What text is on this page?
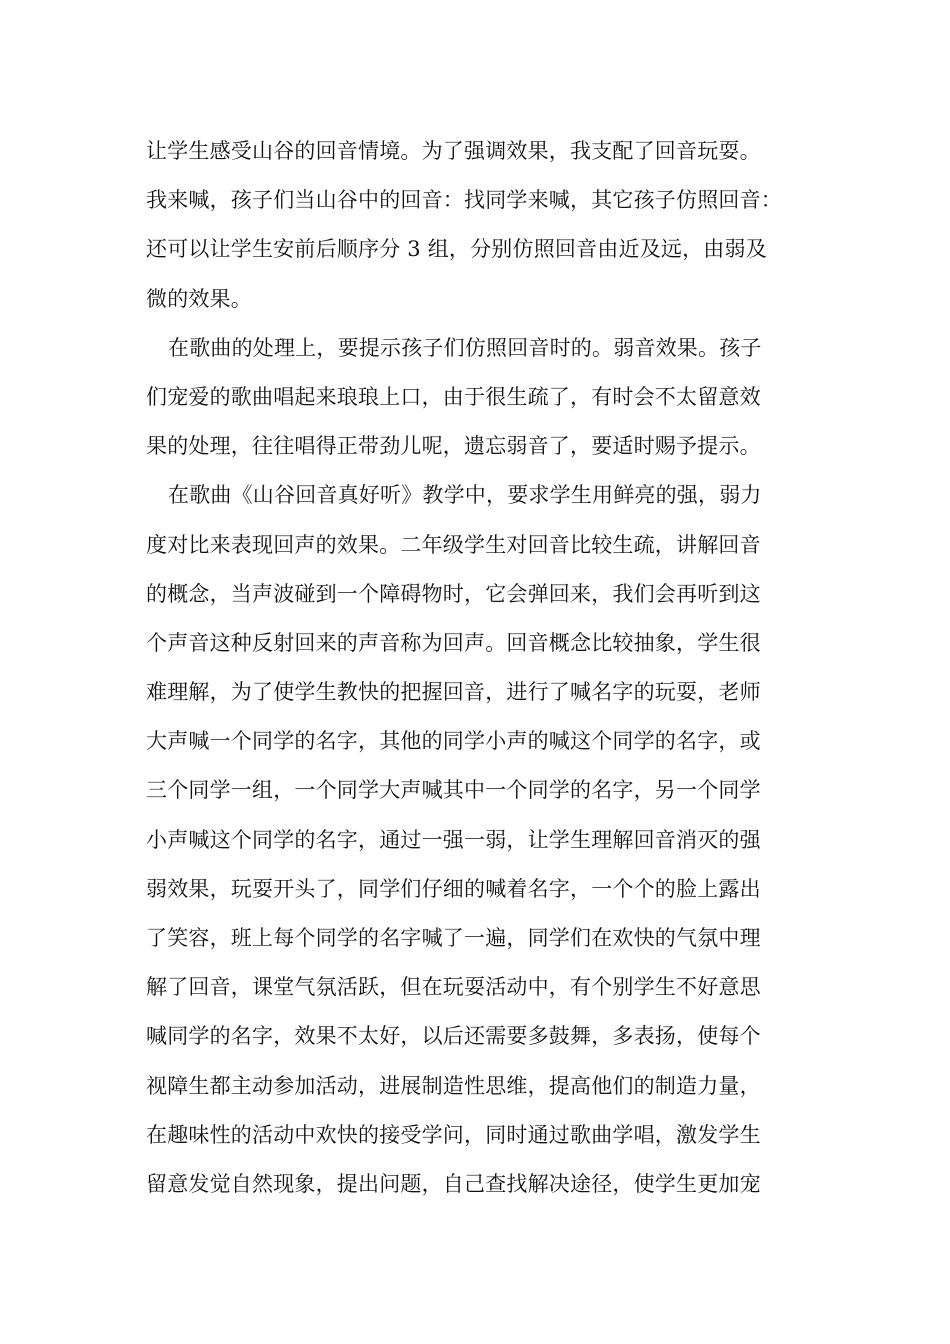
让学生感受山谷的回音情境。为了强调效果，我支配了回音玩耍。
我来喊，孩子们当山谷中的回音：找同学来喊，其它孩子仿照回音：
还可以让学生安前后顺序分 3 组，分别仿照回音由近及远，由弱及
微的效果。
在歌曲的处理上，要提示孩子们仿照回音时的。弱音效果。孩子
们宠爱的歌曲唱起来琅琅上口，由于很生疏了，有时会不太留意效
果的处理，往往唱得正带劲儿呢，遗忘弱音了，要适时赐予提示。
在歌曲《山谷回音真好听》教学中，要求学生用鲜亮的强，弱力
度对比来表现回声的效果。二年级学生对回音比较生疏，讲解回音
的概念，当声波碰到一个障碍物时，它会弹回来，我们会再听到这
个声音这种反射回来的声音称为回声。回音概念比较抽象，学生很
难理解，为了使学生教快的把握回音，进行了喊名字的玩耍，老师
大声喊一个同学的名字，其他的同学小声的喊这个同学的名字，或
三个同学一组，一个同学大声喊其中一个同学的名字，另一个同学
小声喊这个同学的名字，通过一强一弱，让学生理解回音消灭的强
弱效果，玩耍开头了，同学们仔细的喊着名字，一个个的脸上露出
了笑容，班上每个同学的名字喊了一遍，同学们在欢快的气氛中理
解了回音，课堂气氛活跃，但在玩耍活动中，有个别学生不好意思
喊同学的名字，效果不太好，以后还需要多鼓舞，多表扬，使每个
视障生都主动参加活动，进展制造性思维，提高他们的制造力量，
在趣味性的活动中欢快的接受学问，同时通过歌曲学唱，激发学生
留意发觉自然现象，提出问题，自己查找解决途径，使学生更加宠
